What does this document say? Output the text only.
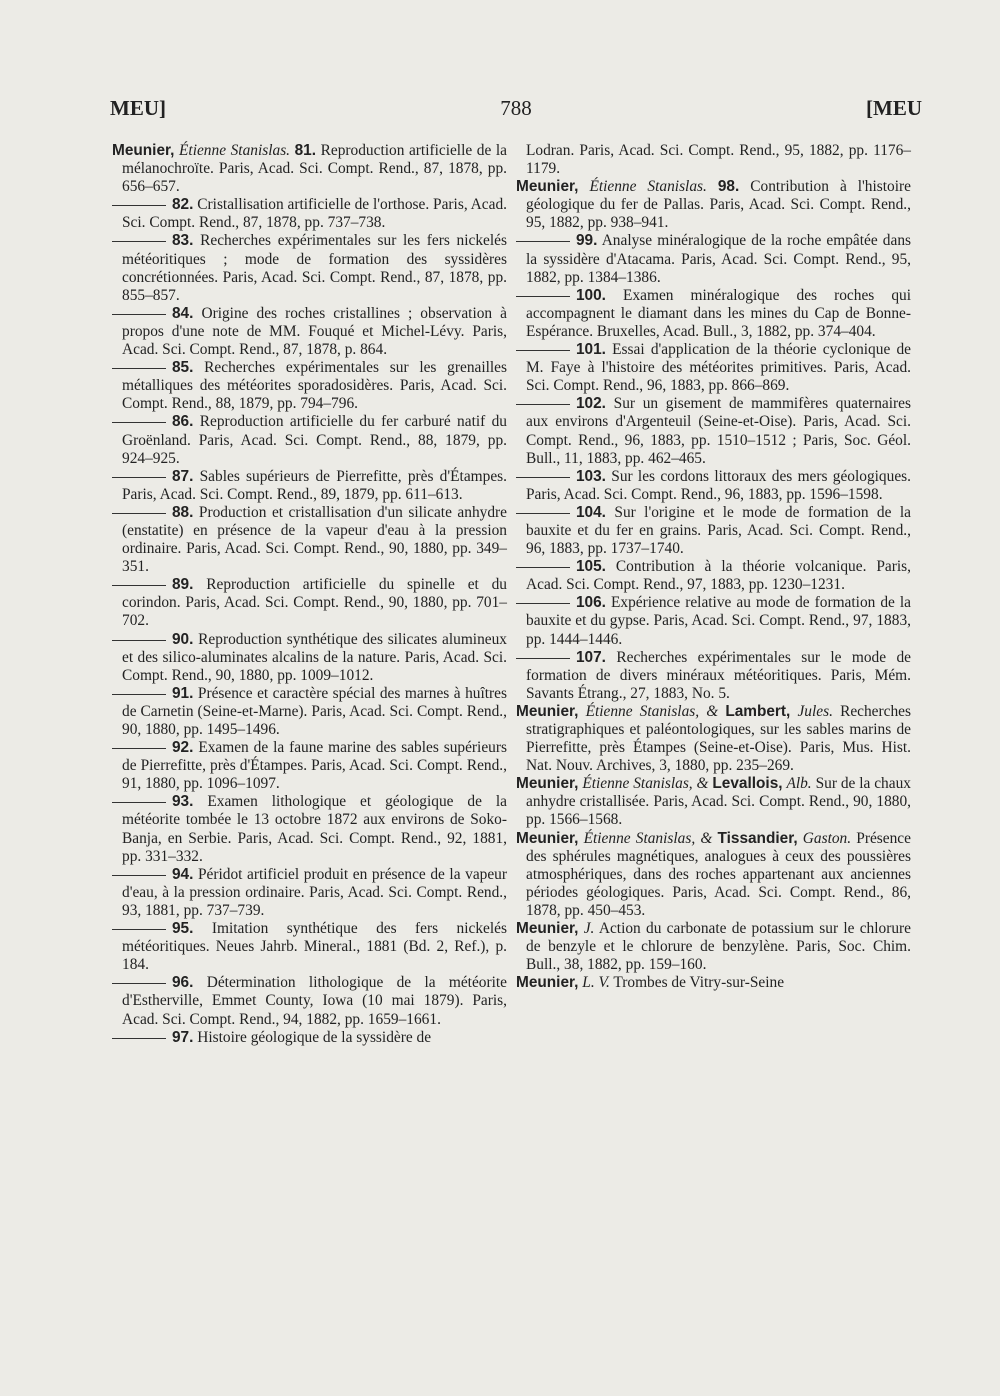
MEU]	788	[MEU

Meunier, Étienne Stanislas. 81. Reproduction artificielle de la mélanochroïte. Paris, Acad. Sci. Compt. Rend., 87, 1878, pp. 656–657.

82. Cristallisation artificielle de l'orthose. Paris, Acad. Sci. Compt. Rend., 87, 1878, pp. 737–738.

83. Recherches expérimentales sur les fers nickelés météoritiques ; mode de formation des syssidères concrétionnées. Paris, Acad. Sci. Compt. Rend., 87, 1878, pp. 855–857.

84. Origine des roches cristallines ; observation à propos d'une note de MM. Fouqué et Michel-Lévy. Paris, Acad. Sci. Compt. Rend., 87, 1878, p. 864.

85. Recherches expérimentales sur les grenailles métalliques des météorites sporadosidères. Paris, Acad. Sci. Compt. Rend., 88, 1879, pp. 794–796.

86. Reproduction artificielle du fer carburé natif du Groënland. Paris, Acad. Sci. Compt. Rend., 88, 1879, pp. 924–925.

87. Sables supérieurs de Pierrefitte, près d'Étampes. Paris, Acad. Sci. Compt. Rend., 89, 1879, pp. 611–613.

88. Production et cristallisation d'un silicate anhydre (enstatite) en présence de la vapeur d'eau à la pression ordinaire. Paris, Acad. Sci. Compt. Rend., 90, 1880, pp. 349–351.

89. Reproduction artificielle du spinelle et du corindon. Paris, Acad. Sci. Compt. Rend., 90, 1880, pp. 701–702.

90. Reproduction synthétique des silicates alumineux et des silico-aluminates alcalins de la nature. Paris, Acad. Sci. Compt. Rend., 90, 1880, pp. 1009–1012.

91. Présence et caractère spécial des marnes à huîtres de Carnetin (Seine-et-Marne). Paris, Acad. Sci. Compt. Rend., 90, 1880, pp. 1495–1496.

92. Examen de la faune marine des sables supérieurs de Pierrefitte, près d'Étampes. Paris, Acad. Sci. Compt. Rend., 91, 1880, pp. 1096–1097.

93. Examen lithologique et géologique de la météorite tombée le 13 octobre 1872 aux environs de Soko-Banja, en Serbie. Paris, Acad. Sci. Compt. Rend., 92, 1881, pp. 331–332.

94. Péridot artificiel produit en présence de la vapeur d'eau, à la pression ordinaire. Paris, Acad. Sci. Compt. Rend., 93, 1881, pp. 737–739.

95. Imitation synthétique des fers nickelés météoritiques. Neues Jahrb. Mineral., 1881 (Bd. 2, Ref.), p. 184.

96. Détermination lithologique de la météorite d'Estherville, Emmet County, Iowa (10 mai 1879). Paris, Acad. Sci. Compt. Rend., 94, 1882, pp. 1659–1661.

97. Histoire géologique de la syssidère de

Lodran. Paris, Acad. Sci. Compt. Rend., 95, 1882, pp. 1176–1179.

Meunier, Étienne Stanislas. 98. Contribution à l'histoire géologique du fer de Pallas. Paris, Acad. Sci. Compt. Rend., 95, 1882, pp. 938–941.

99. Analyse minéralogique de la roche empâtée dans la syssidère d'Atacama. Paris, Acad. Sci. Compt. Rend., 95, 1882, pp. 1384–1386.

100. Examen minéralogique des roches qui accompagnent le diamant dans les mines du Cap de Bonne-Espérance. Bruxelles, Acad. Bull., 3, 1882, pp. 374–404.

101. Essai d'application de la théorie cyclonique de M. Faye à l'histoire des météorites primitives. Paris, Acad. Sci. Compt. Rend., 96, 1883, pp. 866–869.

102. Sur un gisement de mammifères quaternaires aux environs d'Argenteuil (Seine-et-Oise). Paris, Acad. Sci. Compt. Rend., 96, 1883, pp. 1510–1512 ; Paris, Soc. Géol. Bull., 11, 1883, pp. 462–465.

103. Sur les cordons littoraux des mers géologiques. Paris, Acad. Sci. Compt. Rend., 96, 1883, pp. 1596–1598.

104. Sur l'origine et le mode de formation de la bauxite et du fer en grains. Paris, Acad. Sci. Compt. Rend., 96, 1883, pp. 1737–1740.

105. Contribution à la théorie volcanique. Paris, Acad. Sci. Compt. Rend., 97, 1883, pp. 1230–1231.

106. Expérience relative au mode de formation de la bauxite et du gypse. Paris, Acad. Sci. Compt. Rend., 97, 1883, pp. 1444–1446.

107. Recherches expérimentales sur le mode de formation de divers minéraux météoritiques. Paris, Mém. Savants Étrang., 27, 1883, No. 5.

Meunier, Étienne Stanislas, & Lambert, Jules. Recherches stratigraphiques et paléontologiques, sur les sables marins de Pierrefitte, près Étampes (Seine-et-Oise). Paris, Mus. Hist. Nat. Nouv. Archives, 3, 1880, pp. 235–269.

Meunier, Étienne Stanislas, & Levallois, Alb. Sur de la chaux anhydre cristallisée. Paris, Acad. Sci. Compt. Rend., 90, 1880, pp. 1566–1568.

Meunier, Étienne Stanislas, & Tissandier, Gaston. Présence des sphérules magnétiques, analogues à ceux des poussières atmosphériques, dans des roches appartenant aux anciennes périodes géologiques. Paris, Acad. Sci. Compt. Rend., 86, 1878, pp. 450–453.

Meunier, J. Action du carbonate de potassium sur le chlorure de benzyle et le chlorure de benzylène. Paris, Soc. Chim. Bull., 38, 1882, pp. 159–160.

Meunier, L. V. Trombes de Vitry-sur-Seine
